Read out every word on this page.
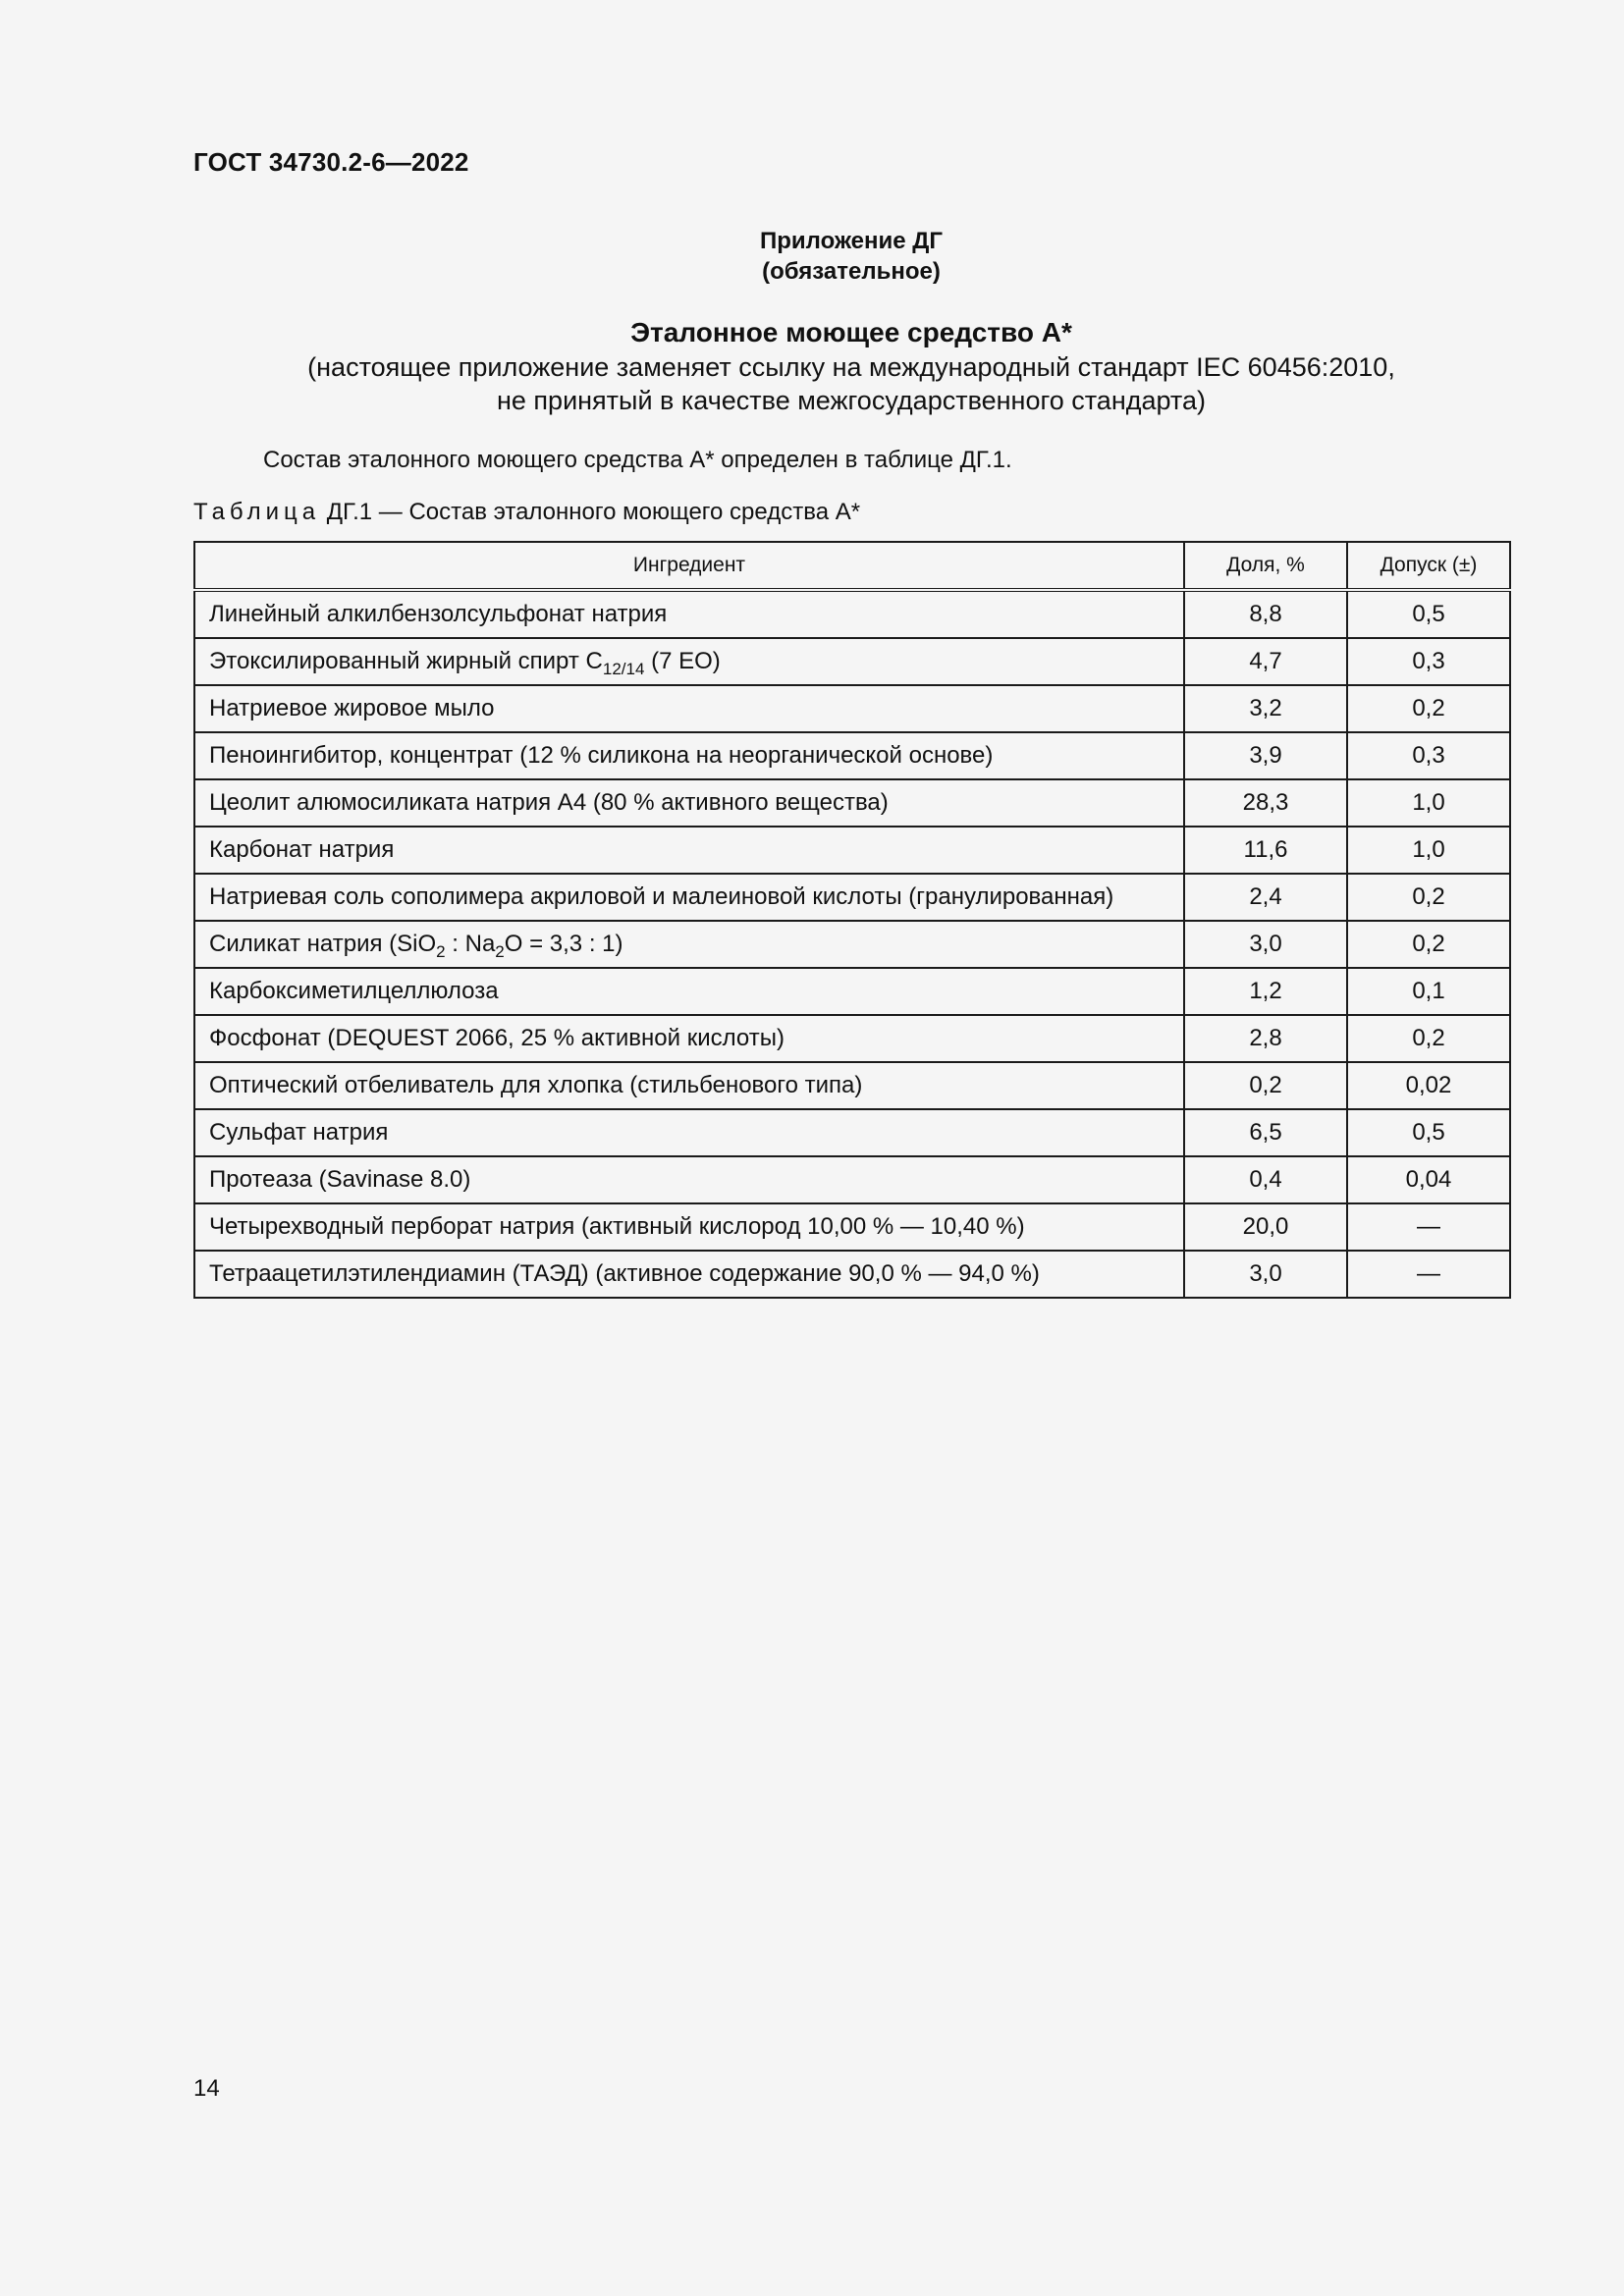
ГОСТ 34730.2-6—2022
Приложение ДГ
(обязательное)
Эталонное моющее средство А*
(настоящее приложение заменяет ссылку на международный стандарт IEC 60456:2010,
не принятый в качестве межгосударственного стандарта)
Состав эталонного моющего средства А* определен в таблице ДГ.1.
Таблица ДГ.1 — Состав эталонного моющего средства А*
Ингредиент	Доля, %	Допуск (±)
Линейный алкилбензолсульфонат натрия	8,8	0,5
Этоксилированный жирный спирт $С_{12/14}$ (7 ЕО)	4,7	0,3
Натриевое жировое мыло	3,2	0,2
Пеноингибитор, концентрат (12 % силикона на неорганической основе)	3,9	0,3
Цеолит алюмосиликата натрия А4 (80 % активного вещества)	28,3	1,0
Карбонат натрия	11,6	1,0
Натриевая соль сополимера акриловой и малеиновой кислоты (гранулированная)	2,4	0,2
Силикат натрия (SiO$_2$ : $Na_2O = 3,3$ : 1)	3,0	0,2
Карбоксиметилцеллюлоза	1,2	0,1
Фосфонат (DEQUEST 2066, 25 % активной кислоты)	2,8	0,2
Оптический отбеливатель для хлопка (стильбенового типа)	0,2	0,02
Сульфат натрия	6,5	0,5
Протеаза (Savinase 8.0)	0,4	0,04
Четырехводный перборат натрия (активный кислород 10,00 % — 10,40 %)	20,0	—
Тетраацетилэтилендиамин (ТАЭД) (активное содержание 90,0 % — 94,0 %)	3,0	—
14
